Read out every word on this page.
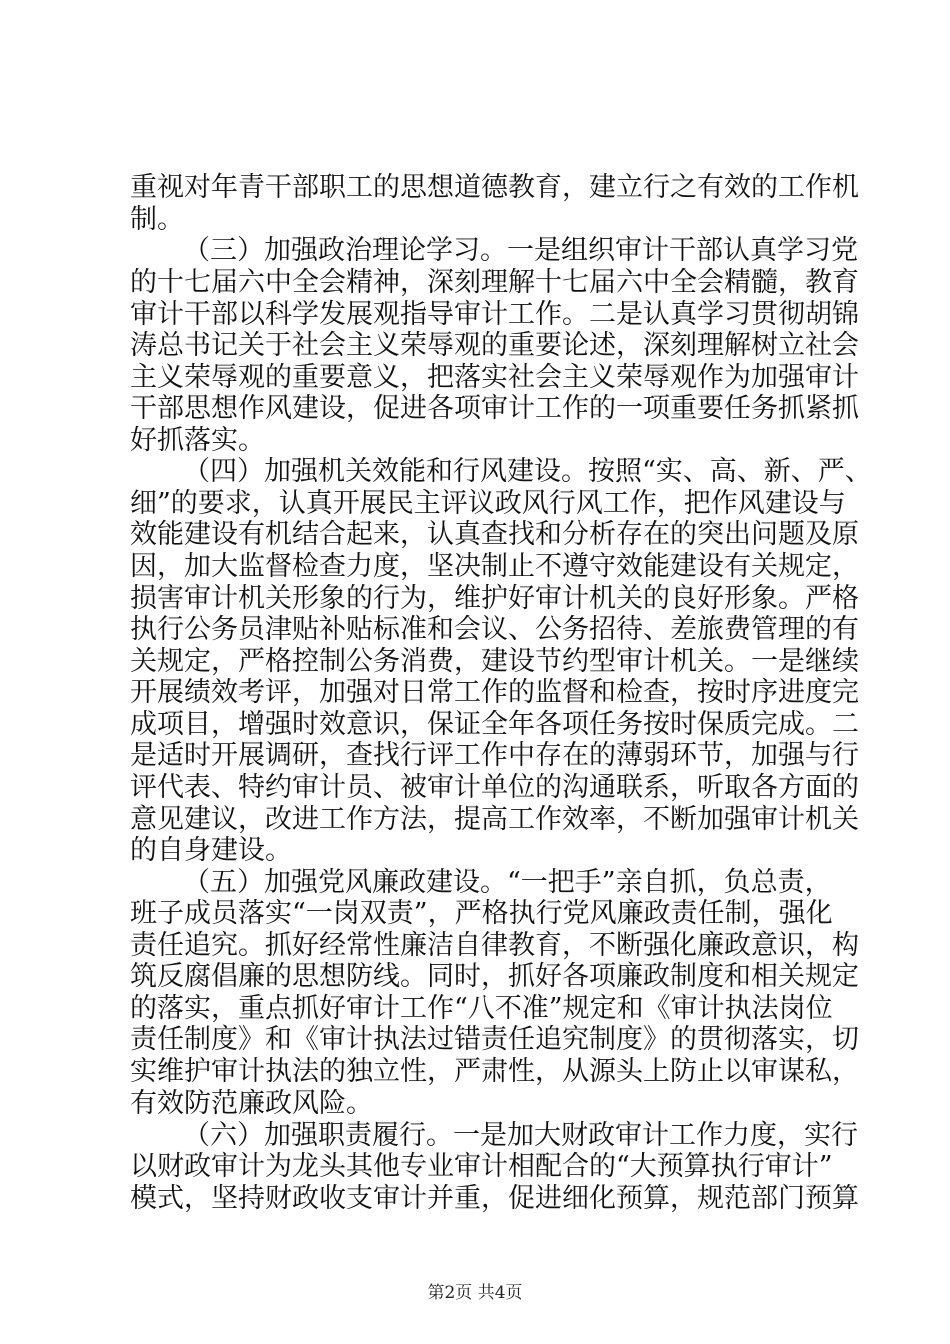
重视对年青干部职工的思想道德教育，建立行之有效的工作机
制。
（三）加强政治理论学习。一是组织审计干部认真学习党
的十七届六中全会精神，深刻理解十七届六中全会精髓，教育
审计干部以科学发展观指导审计工作。二是认真学习贯彻胡锦
涛总书记关于社会主义荣辱观的重要论述，深刻理解树立社会
主义荣辱观的重要意义，把落实社会主义荣辱观作为加强审计
干部思想作风建设，促进各项审计工作的一项重要任务抓紧抓
好抓落实。
（四）加强机关效能和行风建设。按照“实、高、新、严、
细”的要求，认真开展民主评议政风行风工作，把作风建设与
效能建设有机结合起来，认真查找和分析存在的突出问题及原
因，加大监督检查力度，坚决制止不遵守效能建设有关规定，
损害审计机关形象的行为，维护好审计机关的良好形象。严格
执行公务员津贴补贴标准和会议、公务招待、差旅费管理的有
关规定，严格控制公务消费，建设节约型审计机关。一是继续
开展绩效考评，加强对日常工作的监督和检查，按时序进度完
成项目，增强时效意识，保证全年各项任务按时保质完成。二
是适时开展调研，查找行评工作中存在的薄弱环节，加强与行
评代表、特约审计员、被审计单位的沟通联系，听取各方面的
意见建议，改进工作方法，提高工作效率，不断加强审计机关
的自身建设。
（五）加强党风廉政建设。“一把手”亲自抓，负总责，
班子成员落实“一岗双责”，严格执行党风廉政责任制，强化
责任追究。抓好经常性廉洁自律教育，不断强化廉政意识，构
筑反腐倡廉的思想防线。同时，抓好各项廉政制度和相关规定
的落实，重点抓好审计工作“八不准”规定和《审计执法岗位
责任制度》和《审计执法过错责任追究制度》的贯彻落实，切
实维护审计执法的独立性，严肃性，从源头上防止以审谋私，
有效防范廉政风险。
（六）加强职责履行。一是加大财政审计工作力度，实行
以财政审计为龙头其他专业审计相配合的“大预算执行审计”
模式，坚持财政收支审计并重，促进细化预算，规范部门预算
第2页 共4页
